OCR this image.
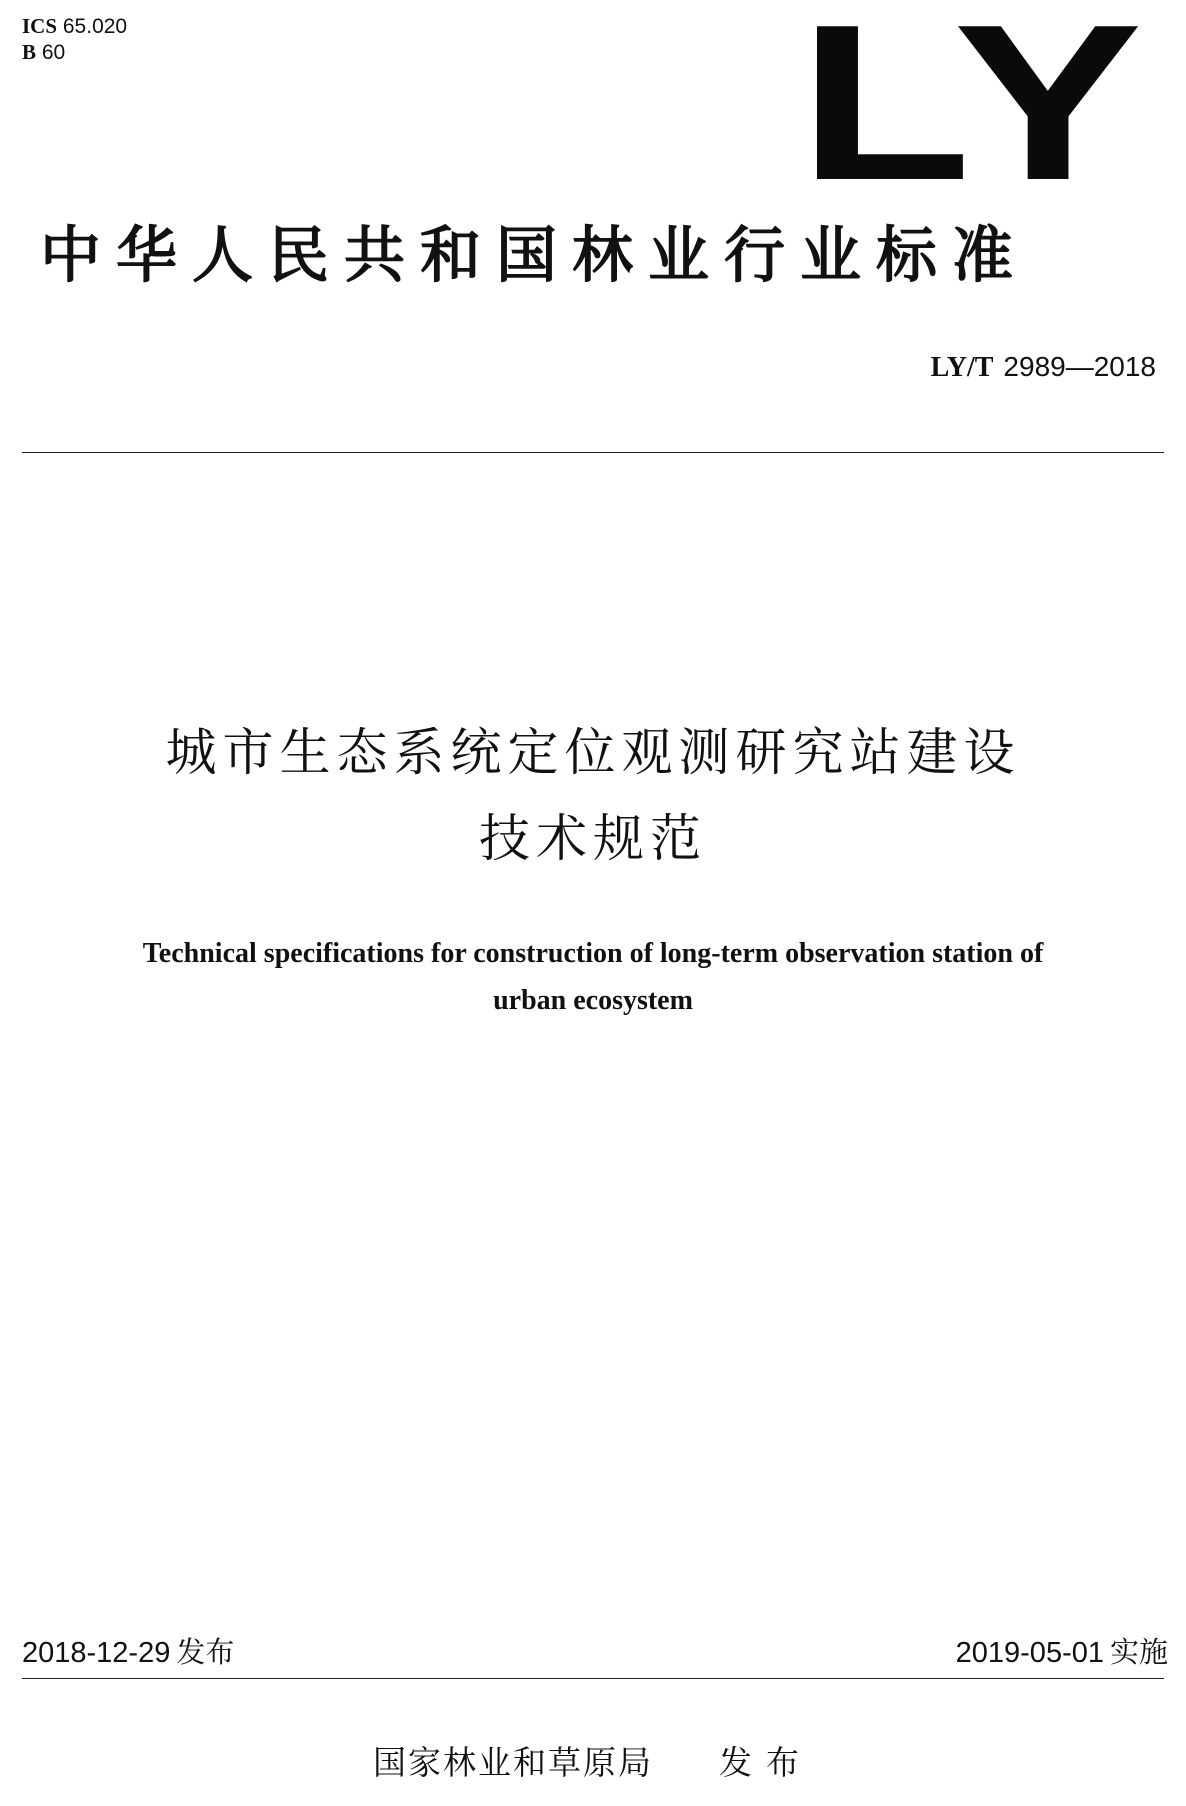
ICS 65.020
B 60	LY
中华人民共和国林业行业标准
LY/T 2989—2018
城市生态系统定位观测研究站建设
技术规范
Technical specifications for construction of long-term observation station of
urban ecosystem
2018-12-29 发布	2019-05-01 实施
国家林业和草原局 发布
